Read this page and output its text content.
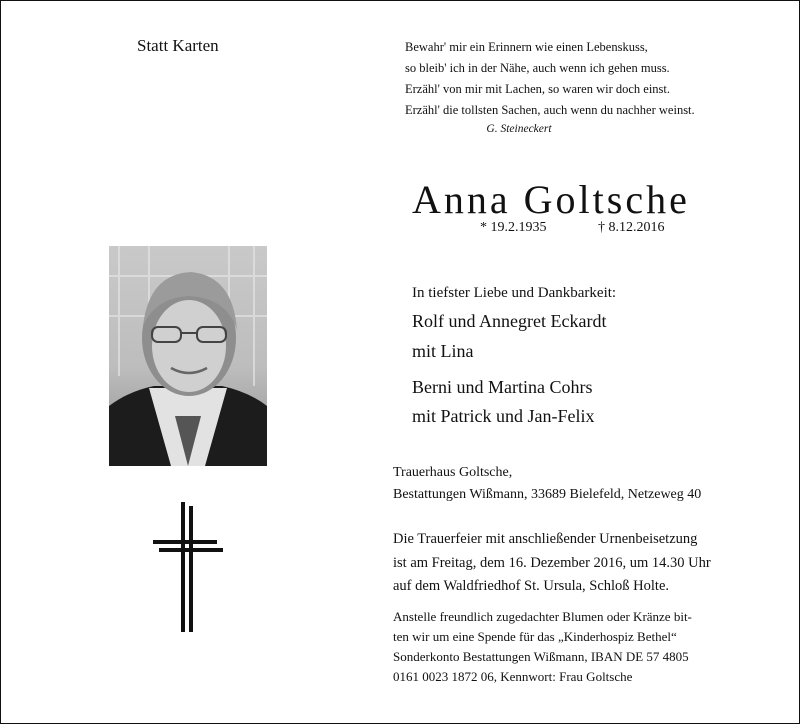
Statt Karten	Bewahr' mir ein Erinnern wie einen Lebenskuss,
so bleib' ich in der Nähe, auch wenn ich gehen muss.
Erzähl' von mir mit Lachen, so waren wir doch einst.
Erzähl' die tollsten Sachen, auch wenn du nachher weinst.
G. Steineckert
Anna Goltsche
* 19.2.1935	† 8.12.2016
In tiefster Liebe und Dankbarkeit:
Rolf und Annegret Eckardt
mit Lina
Berni und Martina Cohrs
mit Patrick und Jan-Felix
Trauerhaus Goltsche,
Bestattungen Wißmann, 33689 Bielefeld, Netzeweg 40
Die Trauerfeier mit anschließender Urnenbeisetzung
ist am Freitag, dem 16. Dezember 2016, um 14.30 Uhr
auf dem Waldfriedhof St. Ursula, Schloß Holte.
Anstelle freundlich zugedachter Blumen oder Kränze bit-
ten wir um eine Spende für das „Kinderhospiz Bethel“
Sonderkonto Bestattungen Wißmann, IBAN DE 57 4805
0161 0023 1872 06, Kennwort: Frau Goltsche
